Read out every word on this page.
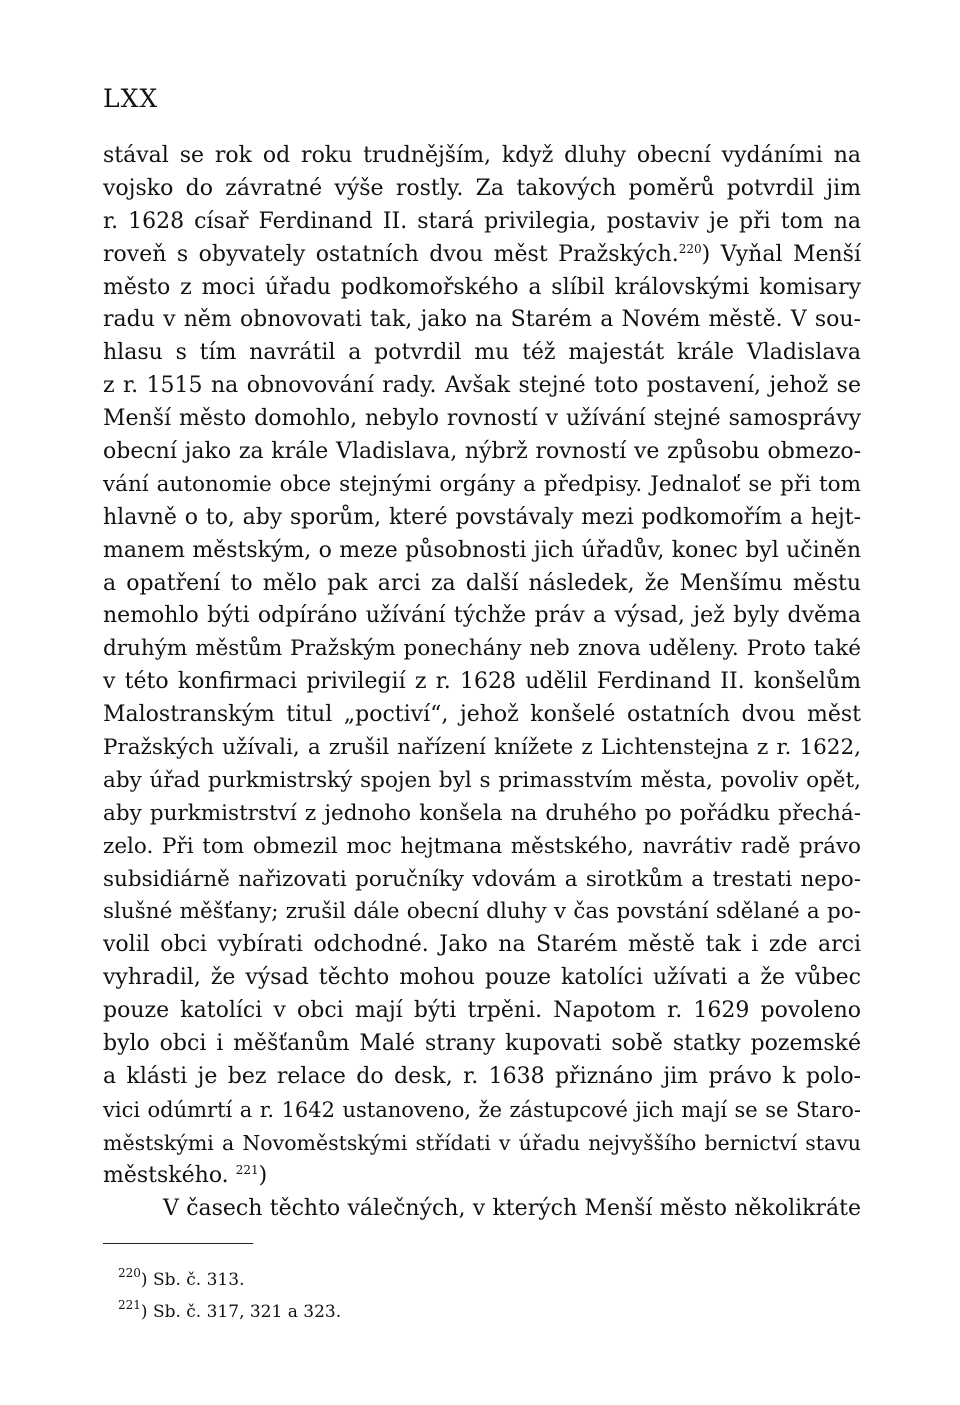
LXX
stával se rok od roku trudnějším, když dluhy obecní vydáními na
vojsko do závratné výše rostly. Za takových poměrů potvrdil jim
r. 1628 císař Ferdinand II. stará privilegia, postaviv je při tom na
roveň s obyvately ostatních dvou měst Pražských.$^{220}$) Vyňal Menší
město z moci úřadu podkomořského a slíbil královskými komisary
radu v něm obnovovati tak, jako na Starém a Novém městě. V sou-
hlasu s tím navrátil a potvrdil mu též majestát krále Vladislava
z r. 1515 na obnovování rady. Avšak stejné toto postavení, jehož se
Menší město domohlo, nebylo rovností v užívání stejné samosprávy
obecní jako za krále Vladislava, nýbrž rovností ve způsobu obmezo-
vání autonomie obce stejnými orgány a předpisy. Jednaloť se při tom
hlavně o to, aby sporům, které povstávaly mezi podkomořím a hejt-
manem městským, o meze působnosti jich úřadův, konec byl učiněn
a opatření to mělo pak arci za další následek, že Menšímu městu
nemohlo býti odpíráno užívání týchže práv a výsad, jež byly dvěma
druhým městům Pražským ponechány neb znova uděleny. Proto také
v této konfirmaci privilegií z r. 1628 udělil Ferdinand II. konšelům
Malostranským titul „poctiví“, jehož konšelé ostatních dvou měst
Pražských užívali, a zrušil nařízení knížete z Lichtenstejna z r. 1622,
aby úřad purkmistrský spojen byl s primasstvím města, povoliv opět,
aby purkmistrství z jednoho konšela na druhého po pořádku přechá-
zelo. Při tom obmezil moc hejtmana městského, navrátiv radě právo
subsidiárně nařizovati poručníky vdovám a sirotkům a trestati nepo-
slušné měšťany; zrušil dále obecní dluhy v čas povstání sdělané a po-
volil obci vybírati odchodné. Jako na Starém městě tak i zde arci
vyhradil, že výsad těchto mohou pouze katolíci užívati a že vůbec
pouze katolíci v obci mají býti trpěni. Napotom r. 1629 povoleno
bylo obci i měšťanům Malé strany kupovati sobě statky pozemské
a klásti je bez relace do desk, r. 1638 přiznáno jim právo k polo-
vici odúmrtí a r. 1642 ustanoveno, že zástupcové jich mají se se Staro-
městskými a Novoměstskými střídati v úřadu nejvyššího bernictví stavu
městského. $^{221}$)
V časech těchto válečných, v kterých Menší město několikráte
$^{220}$) Sb. č. 313.
$^{221}$) Sb. č. 317, 321 a 323.
